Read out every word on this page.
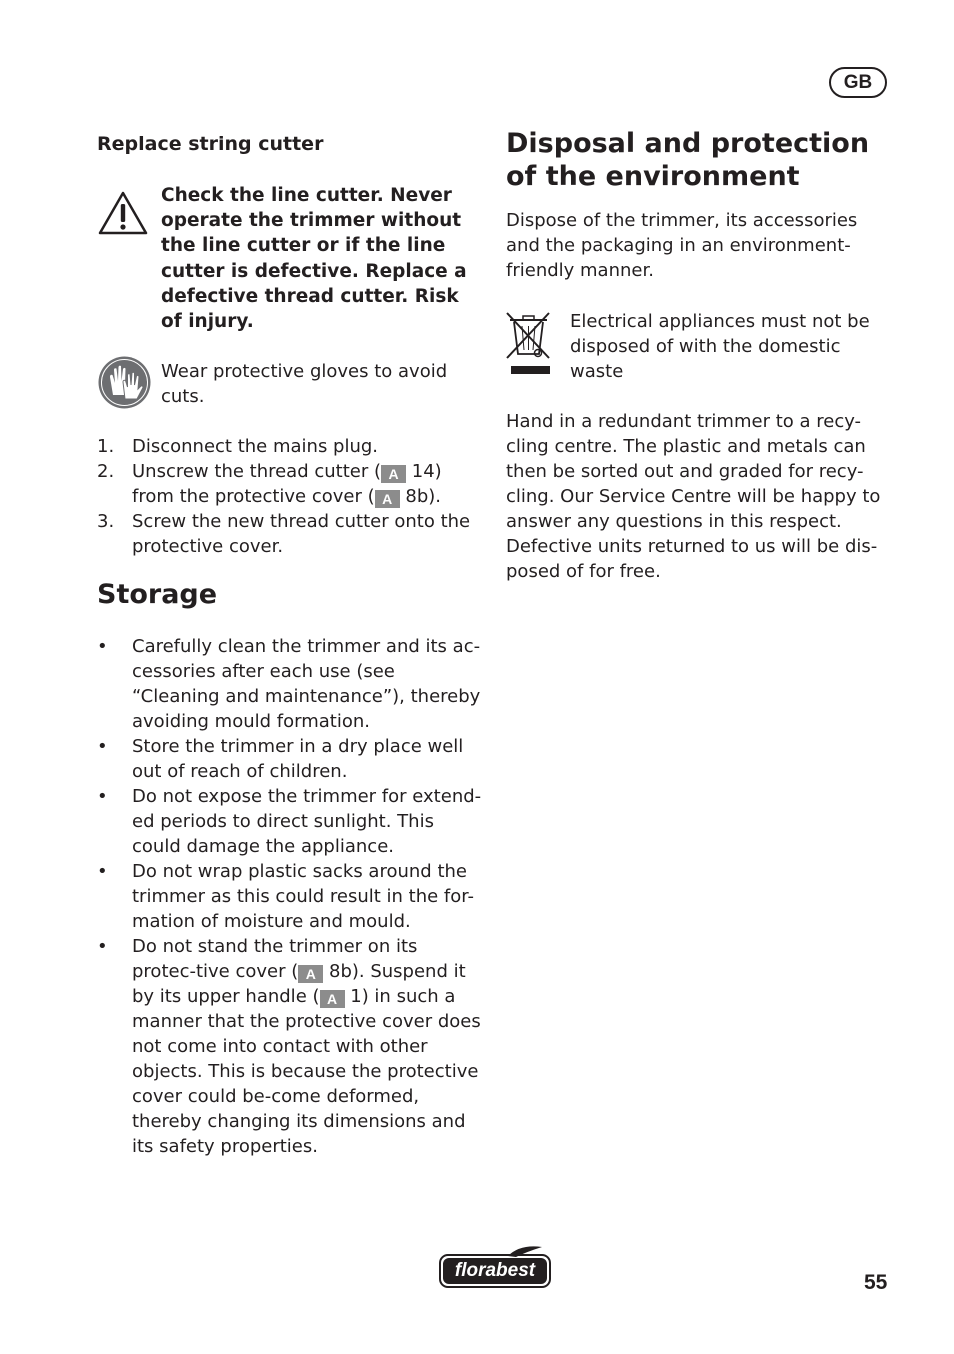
GB
Replace string cutter
Check the line cutter. Never operate the trimmer without the line cutter or if the line cutter is defective. Replace a defective thread cutter. Risk of injury.
Wear protective gloves to avoid cuts.
1. Disconnect the mains plug.
2. Unscrew the thread cutter ( A 14) from the protective cover ( A 8b).
3. Screw the new thread cutter onto the protective cover.
Storage
• Carefully clean the trimmer and its ac-cessories after each use (see “Cleaning and maintenance”), thereby avoiding mould formation.
• Store the trimmer in a dry place well out of reach of children.
• Do not expose the trimmer for extend-ed periods to direct sunlight. This could damage the appliance.
• Do not wrap plastic sacks around the trimmer as this could result in the for-mation of moisture and mould.
• Do not stand the trimmer on its protec-tive cover ( A 8b). Suspend it by its upper handle ( A 1) in such a manner that the protective cover does not come into contact with other objects. This is because the protective cover could be-come deformed, thereby changing its dimensions and its safety properties.
Disposal and protection of the environment
Dispose of the trimmer, its accessories and the packaging in an environment-friendly manner.
Electrical appliances must not be disposed of with the domestic waste
Hand in a redundant trimmer to a recy-cling centre. The plastic and metals can then be sorted out and graded for recy-cling. Our Service Centre will be happy to answer any questions in this respect. Defective units returned to us will be dis-posed of for free.
florabest
55
